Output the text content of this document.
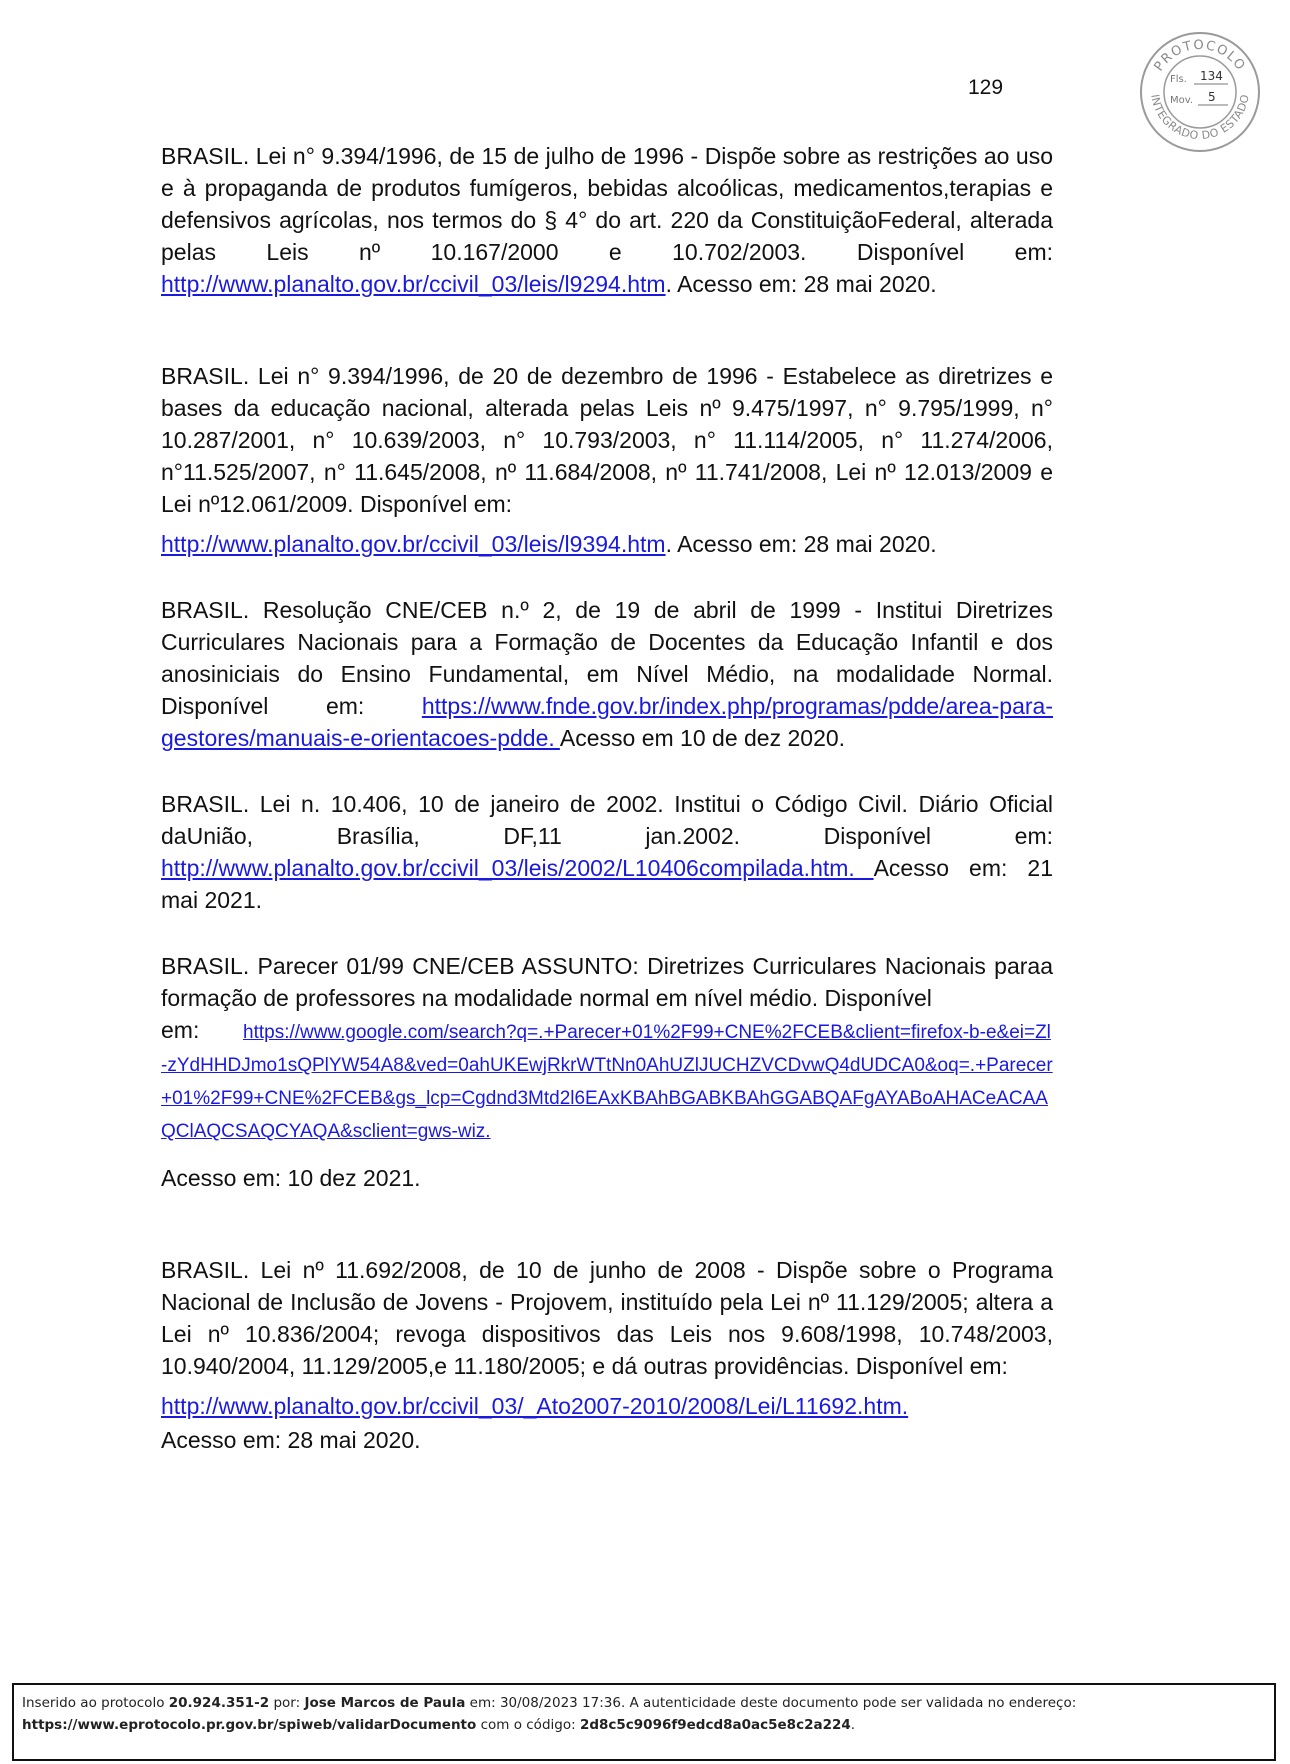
129
PROTOCOLO
INTEGRADO DO ESTADO
Fls. 134
Mov. 5

BRASIL. Lei n° 9.394/1996, de 15 de julho de 1996 - Dispõe sobre as restrições ao uso e à propaganda de produtos fumígeros, bebidas alcoólicas, medicamentos,terapias e defensivos agrícolas, nos termos do § 4° do art. 220 da ConstituiçãoFederal, alterada pelas Leis nº 10.167/2000 e 10.702/2003. Disponível em: http://www.planalto.gov.br/ccivil_03/leis/l9294.htm. Acesso em: 28 mai 2020.

BRASIL. Lei n° 9.394/1996, de 20 de dezembro de 1996 - Estabelece as diretrizes e bases da educação nacional, alterada pelas Leis nº 9.475/1997, n° 9.795/1999, n° 10.287/2001, n° 10.639/2003, n° 10.793/2003, n° 11.114/2005, n° 11.274/2006, n°11.525/2007, n° 11.645/2008, nº 11.684/2008, nº 11.741/2008, Lei nº 12.013/2009 e Lei nº12.061/2009. Disponível em:

http://www.planalto.gov.br/ccivil_03/leis/l9394.htm. Acesso em: 28 mai 2020.

BRASIL. Resolução CNE/CEB n.º 2, de 19 de abril de 1999 - Institui Diretrizes Curriculares Nacionais para a Formação de Docentes da Educação Infantil e dos anosiniciais do Ensino Fundamental, em Nível Médio, na modalidade Normal. Disponível em: https://www.fnde.gov.br/index.php/programas/pdde/area-para-gestores/manuais-e-orientacoes-pdde. Acesso em 10 de dez 2020.

BRASIL. Lei n. 10.406, 10 de janeiro de 2002. Institui o Código Civil. Diário Oficial daUnião, Brasília, DF,11 jan.2002. Disponível em: http://www.planalto.gov.br/ccivil_03/leis/2002/L10406compilada.htm. Acesso em: 21 mai 2021.

BRASIL. Parecer 01/99 CNE/CEB ASSUNTO: Diretrizes Curriculares Nacionais paraa formação de professores na modalidade normal em nível médio. Disponível

em: https://www.google.com/search?q=.+Parecer+01%2F99+CNE%2FCEB&client=firefox-b-e&ei=Zl-zYdHHDJmo1sQPlYW54A8&ved=0ahUKEwjRkrWTtNn0AhUZlJUCHZVCDvwQ4dUDCA0&oq=.+Parecer+01%2F99+CNE%2FCEB&gs_lcp=Cgdnd3Mtd2l6EAxKBAhBGABKBAhGGABQAFgAYABoAHACeACAAQClAQCSAQCYAQA&sclient=gws-wiz.

Acesso em: 10 dez 2021.

BRASIL. Lei nº 11.692/2008, de 10 de junho de 2008 - Dispõe sobre o Programa Nacional de Inclusão de Jovens - Projovem, instituído pela Lei nº 11.129/2005; altera a Lei nº 10.836/2004; revoga dispositivos das Leis nos 9.608/1998, 10.748/2003, 10.940/2004, 11.129/2005,e 11.180/2005; e dá outras providências. Disponível em:

http://www.planalto.gov.br/ccivil_03/_Ato2007-2010/2008/Lei/L11692.htm.

Acesso em: 28 mai 2020.

Inserido ao protocolo 20.924.351-2 por: Jose Marcos de Paula em: 30/08/2023 17:36. A autenticidade deste documento pode ser validada no endereço:
https://www.eprotocolo.pr.gov.br/spiweb/validarDocumento com o código: 2d8c5c9096f9edcd8a0ac5e8c2a224.
